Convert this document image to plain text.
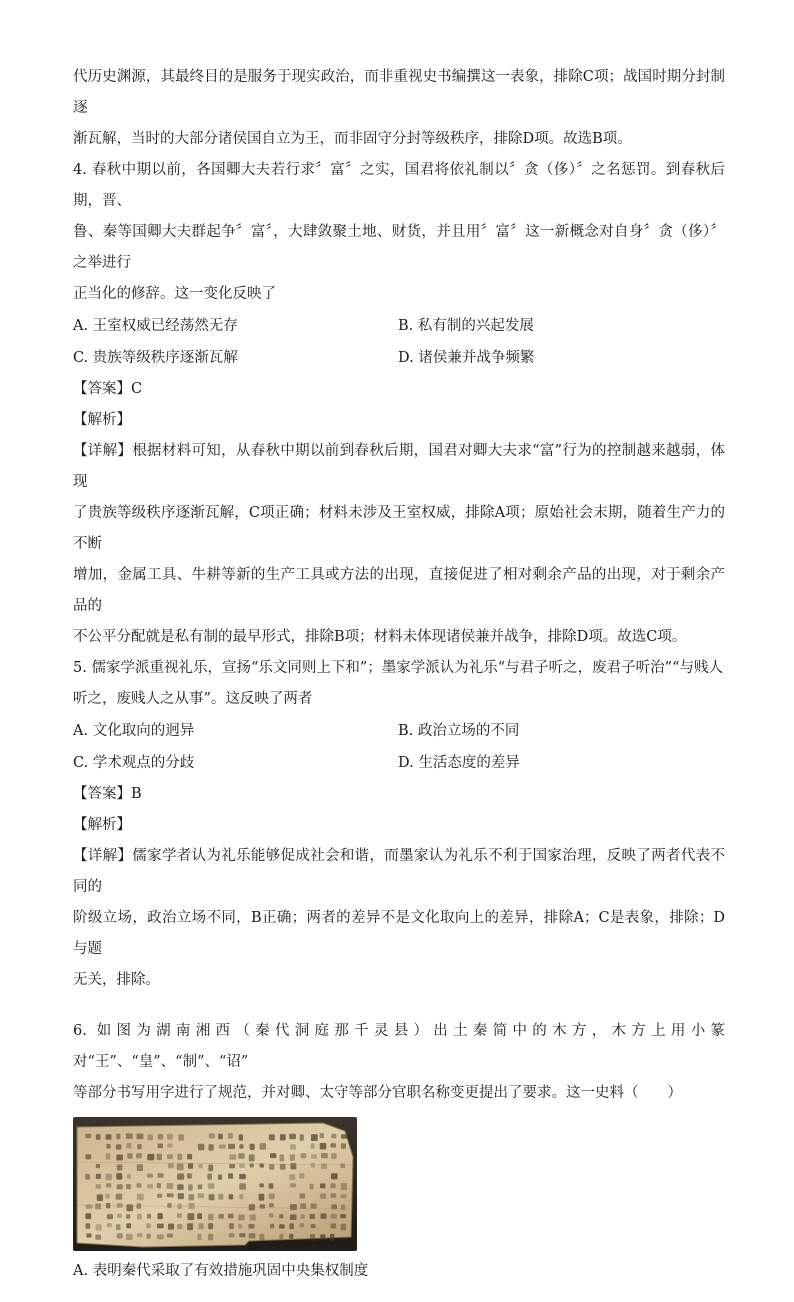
代历史渊源，其最终目的是服务于现实政治，而非重视史书编撰这一表象，排除C项；战国时期分封制逐

渐瓦解，当时的大部分诸侯国自立为王，而非固守分封等级秩序，排除D项。故选B项。

4. 春秋中期以前，各国卿大夫若行求〞富〞之实，国君将依礼制以〞贪（侈）〞之名惩罚。到春秋后期，晋、

鲁、秦等国卿大夫群起争〞富〞，大肆敛聚土地、财货，并且用〞富〞这一新概念对自身〞贪（侈）〞之举进行

正当化的修辞。这一变化反映了

A. 王室权威已经荡然无存	B. 私有制的兴起发展
C. 贵族等级秩序逐渐瓦解	D. 诸侯兼并战争频繁

【答案】C

【解析】

【详解】根据材料可知，从春秋中期以前到春秋后期，国君对卿大夫求“富”行为的控制越来越弱，体现

了贵族等级秩序逐渐瓦解，C项正确；材料未涉及王室权威，排除A项；原始社会末期，随着生产力的不断

增加，金属工具、牛耕等新的生产工具或方法的出现，直接促进了相对剩余产品的出现，对于剩余产品的

不公平分配就是私有制的最早形式，排除B项；材料未体现诸侯兼并战争，排除D项。故选C项。

5. 儒家学派重视礼乐，宣扬“乐文同则上下和”；墨家学派认为礼乐“与君子听之，废君子听治”“与贱人

听之，废贱人之从事”。这反映了两者

A. 文化取向的迥异	B. 政治立场的不同
C. 学术观点的分歧	D. 生活态度的差异

【答案】B

【解析】

【详解】儒家学者认为礼乐能够促成社会和谐，而墨家认为礼乐不利于国家治理，反映了两者代表不同的

阶级立场，政治立场不同，B正确；两者的差异不是文化取向上的差异，排除A；C是表象，排除；D与题

无关，排除。

6. 如图为湖南湘西（秦代洞庭那千灵县）出土秦简中的木方，木方上用小篆对“王”、“皇”、“制”、“诏”

等部分书写用字进行了规范，并对卿、太守等部分官职名称变更提出了要求。这一史料（　　）

A. 表明秦代采取了有效措施巩固中央集权制度
